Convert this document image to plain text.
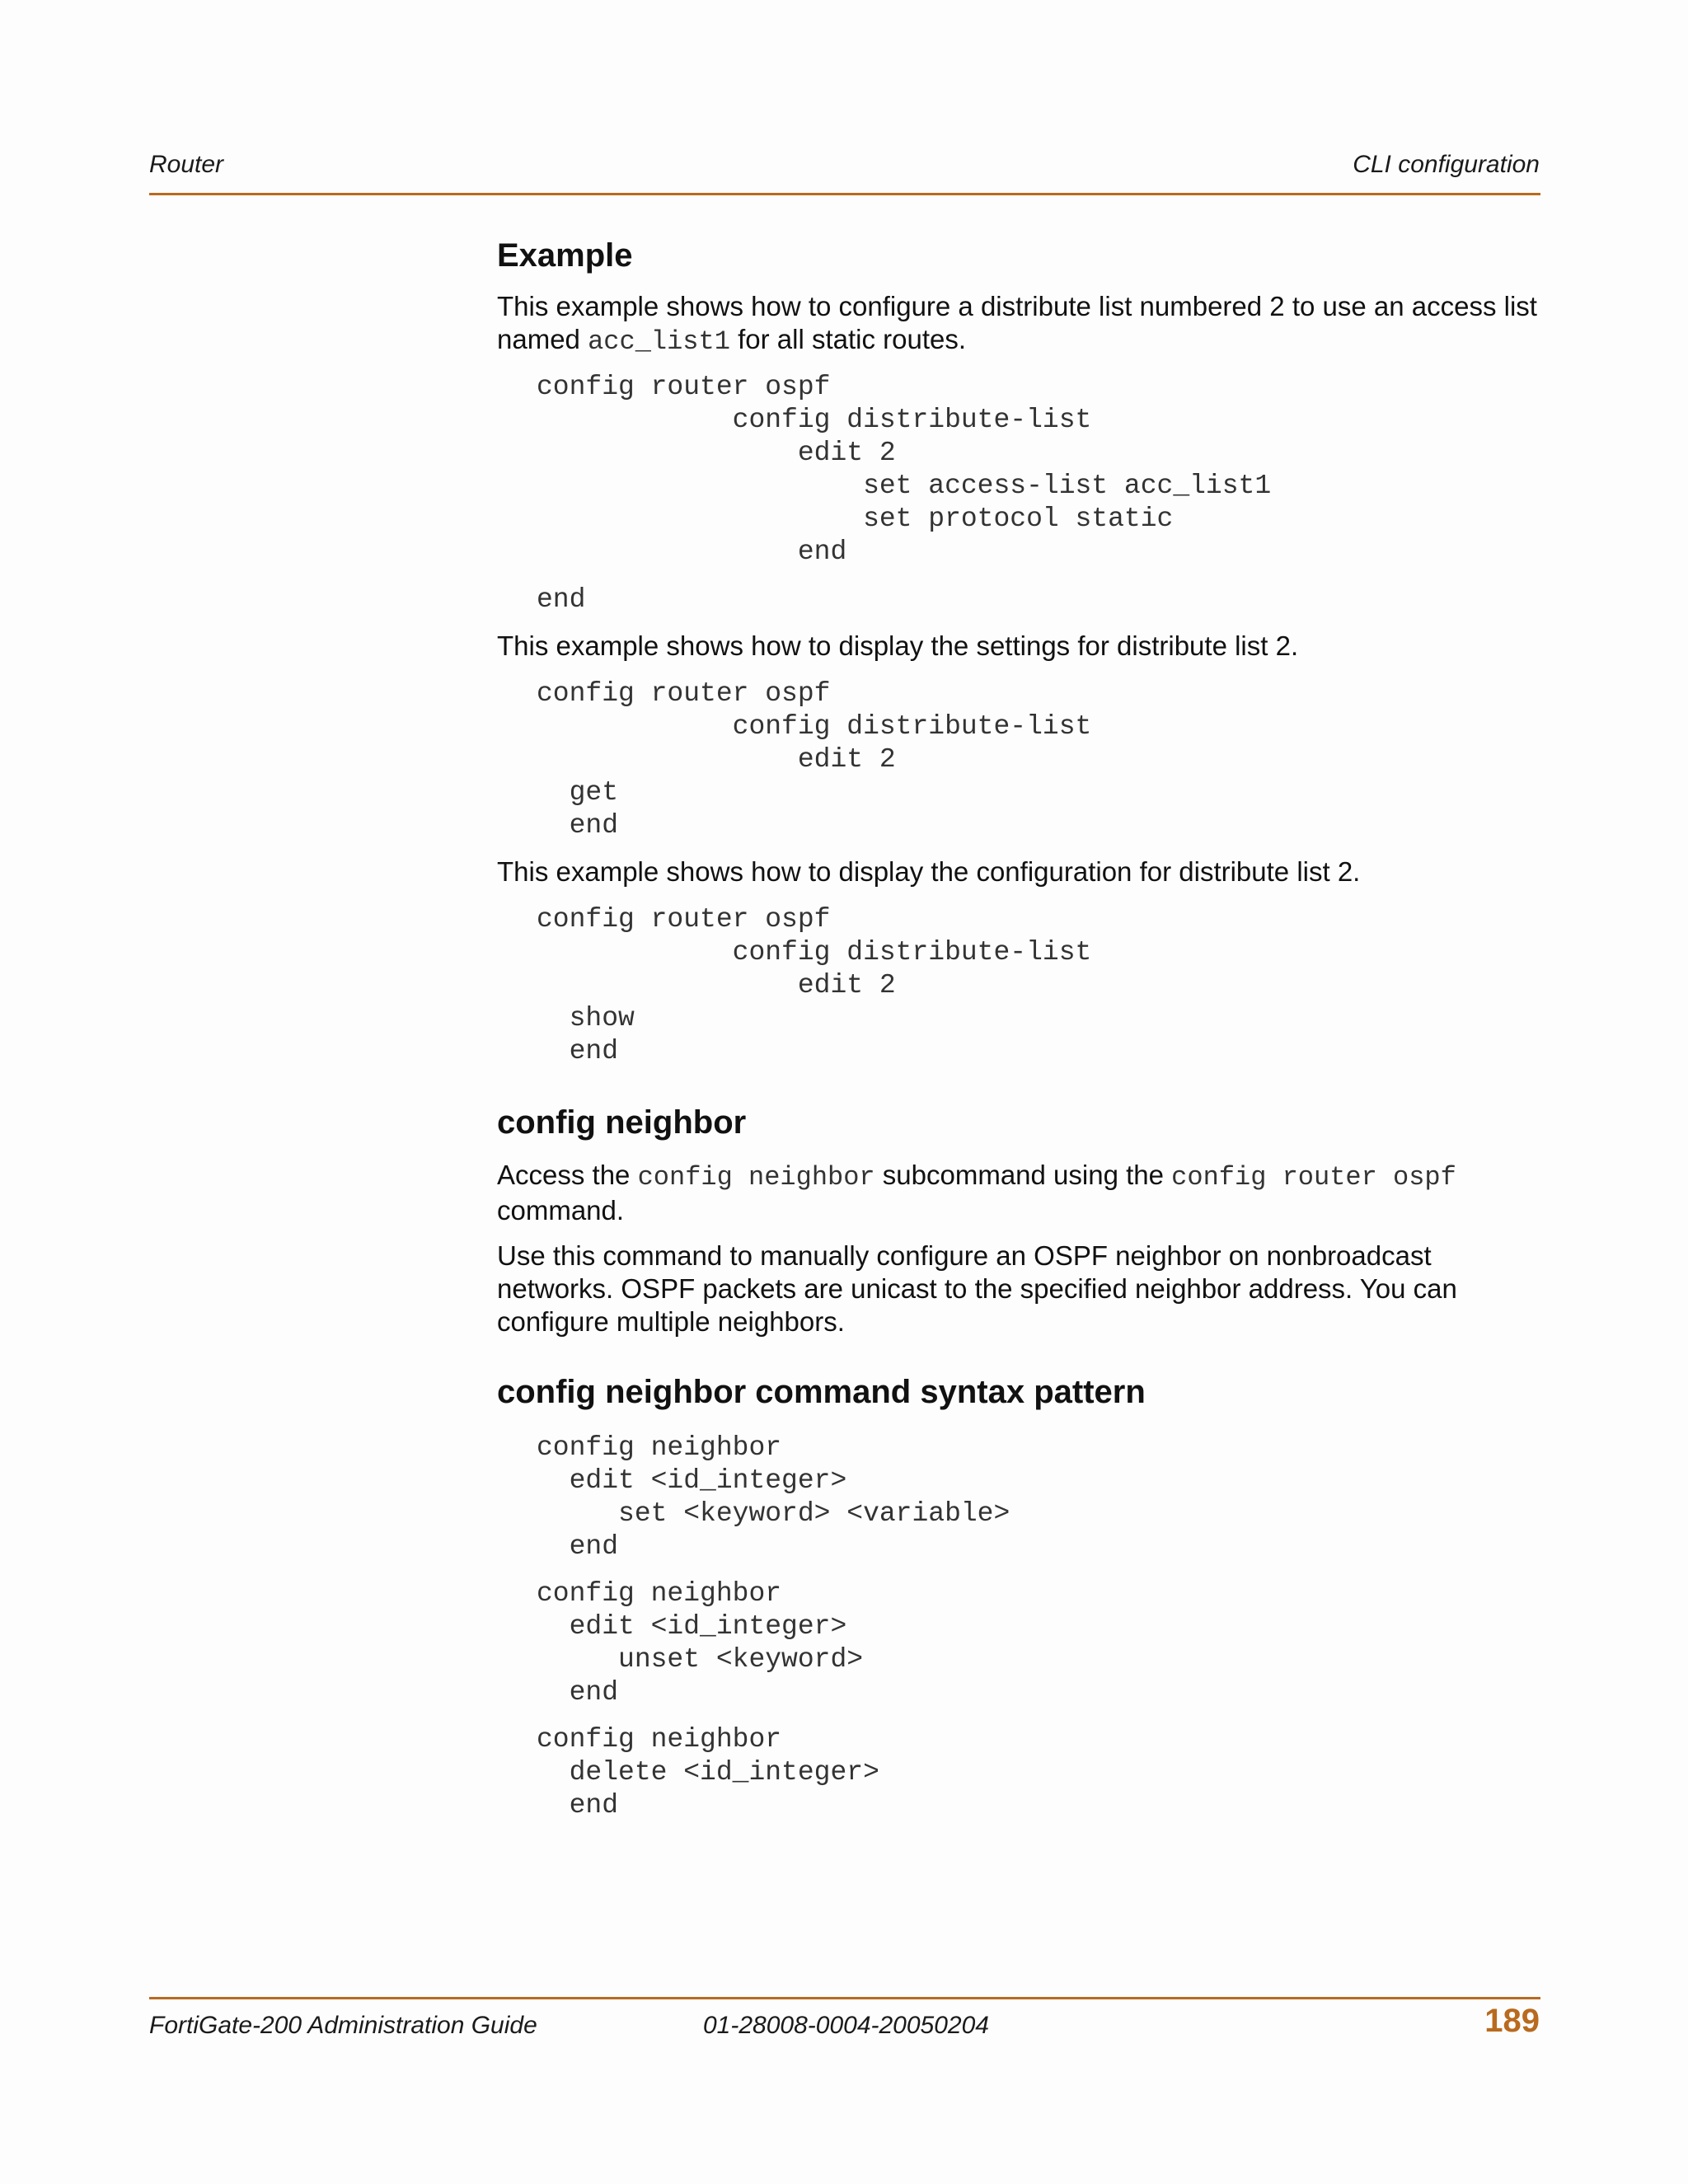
Router	CLI configuration
Example

This example shows how to configure a distribute list numbered 2 to use an access list named acc_list1 for all static routes.

config router ospf
config distribute-list
edit 2
set access-list acc_list1
set protocol static
end
end

This example shows how to display the settings for distribute list 2.

config router ospf
config distribute-list
edit 2
get
end

This example shows how to display the configuration for distribute list 2.

config router ospf
config distribute-list
edit 2
show
end
config neighbor

Access the config neighbor subcommand using the config router ospf command.

Use this command to manually configure an OSPF neighbor on nonbroadcast networks. OSPF packets are unicast to the specified neighbor address. You can configure multiple neighbors.

config neighbor command syntax pattern
config neighbor
edit <id_integer>
set <keyword> <variable>
end
config neighbor
edit <id_integer>
unset <keyword>
end
config neighbor
delete <id_integer>
end
FortiGate-200 Administration Guide	01-28008-0004-20050204	189
